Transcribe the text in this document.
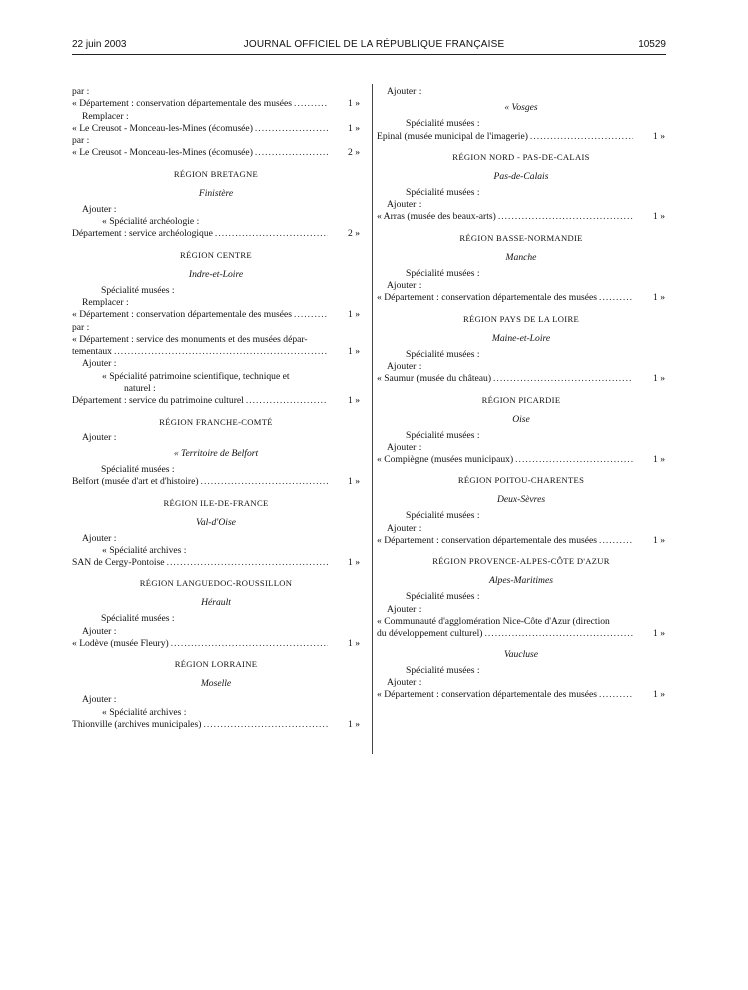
22 juin 2003	JOURNAL OFFICIEL DE LA RÉPUBLIQUE FRANÇAISE	10529
par :
« Département : conservation départementale des musées .....	1 »
Remplacer :
« Le Creusot - Monceau-les-Mines (écomusée) .....	1 »
par :
« Le Creusot - Monceau-les-Mines (écomusée) .....	2 »
RÉGION BRETAGNE
Finistère
Ajouter :
« Spécialité archéologie :
Département : service archéologique .....	2 »
RÉGION CENTRE
Indre-et-Loire
Spécialité musées :
Remplacer :
« Département : conservation départementale des musées .....	1 »
par :
« Département : service des monuments et des musées dépar-
tementaux .....	1 »
Ajouter :
« Spécialité patrimoine scientifique, technique et
naturel :
Département : service du patrimoine culturel .....	1 »
RÉGION FRANCHE-COMTÉ
Ajouter :
« Territoire de Belfort
Spécialité musées :
Belfort (musée d'art et d'histoire) .....	1 »
RÉGION ILE-DE-FRANCE
Val-d'Oise
Ajouter :
« Spécialité archives :
SAN de Cergy-Pontoise .....	1 »
RÉGION LANGUEDOC-ROUSSILLON
Hérault
Spécialité musées :
Ajouter :
« Lodève (musée Fleury) .....	1 »
RÉGION LORRAINE
Moselle
Ajouter :
« Spécialité archives :
Thionville (archives municipales) .....	1 »
Ajouter :
« Vosges
Spécialité musées :
Epinal (musée municipal de l'imagerie) .....	1 »
RÉGION NORD - PAS-DE-CALAIS
Pas-de-Calais
Spécialité musées :
Ajouter :
« Arras (musée des beaux-arts) .....	1 »
RÉGION BASSE-NORMANDIE
Manche
Spécialité musées :
Ajouter :
« Département : conservation départementale des musées .....	1 »
RÉGION PAYS DE LA LOIRE
Maine-et-Loire
Spécialité musées :
Ajouter :
« Saumur (musée du château) .....	1 »
RÉGION PICARDIE
Oise
Spécialité musées :
Ajouter :
« Compiègne (musées municipaux) .....	1 »
RÉGION POITOU-CHARENTES
Deux-Sèvres
Spécialité musées :
Ajouter :
« Département : conservation départementale des musées .....	1 »
RÉGION PROVENCE-ALPES-CÔTE D'AZUR
Alpes-Maritimes
Spécialité musées :
Ajouter :
« Communauté d'agglomération Nice-Côte d'Azur (direction
du développement culturel) .....	1 »
Vaucluse
Spécialité musées :
Ajouter :
« Département : conservation départementale des musées .....	1 »
